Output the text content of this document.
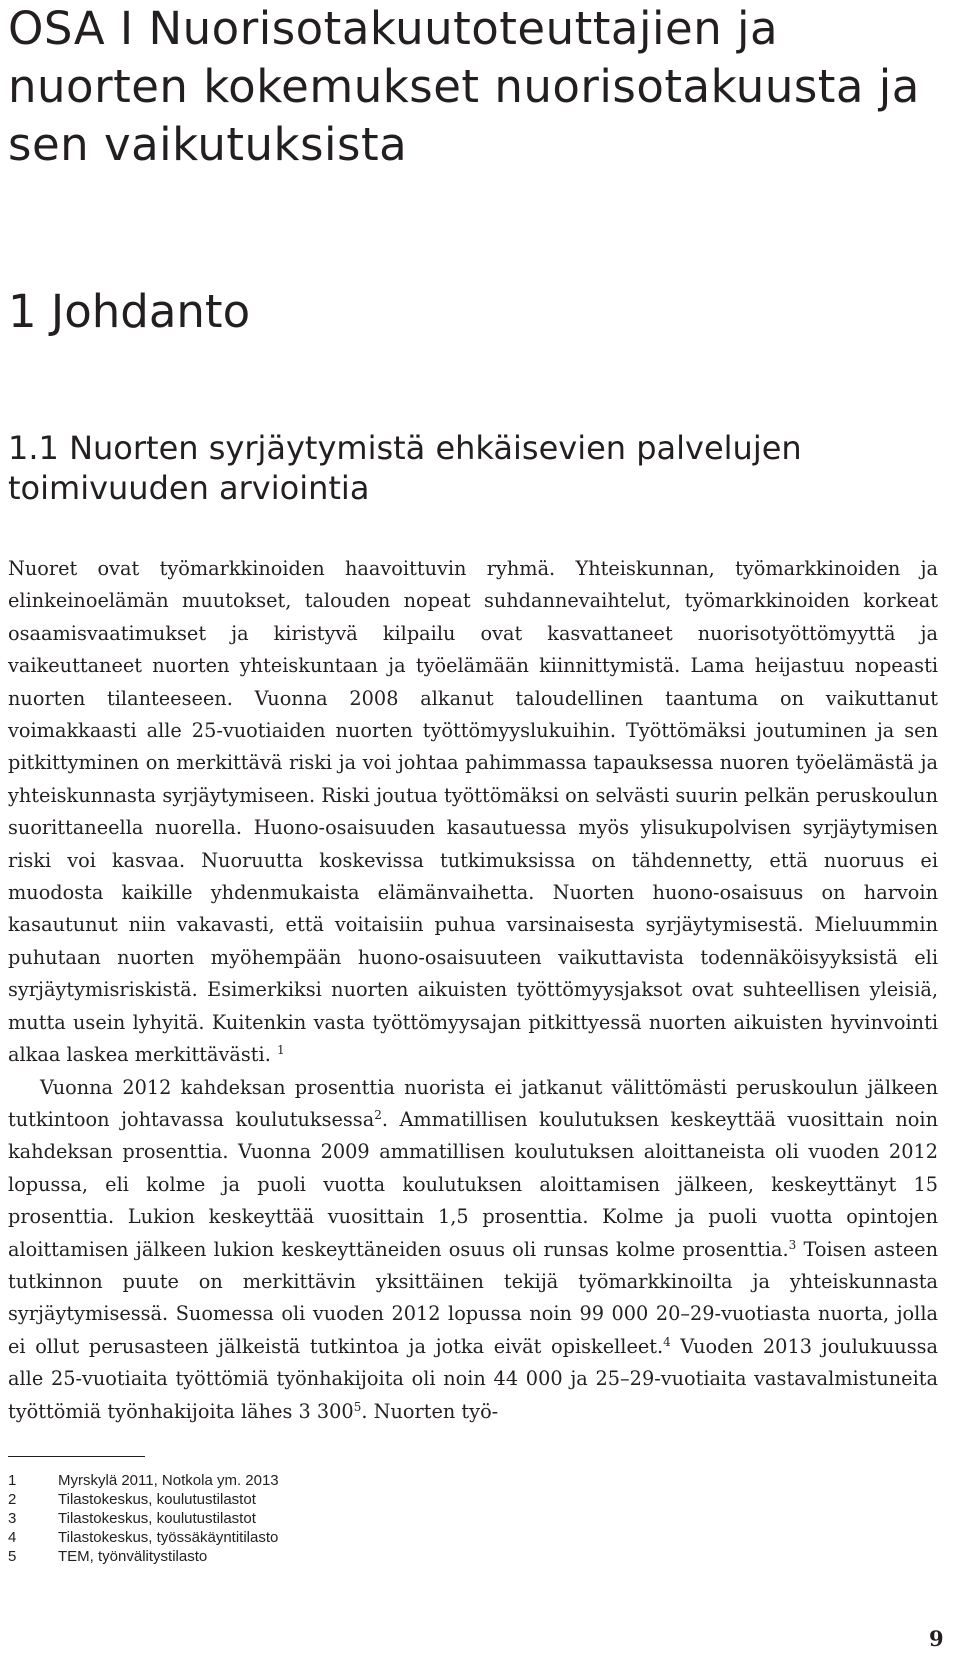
OSA I Nuorisotakuutoteuttajien ja nuorten kokemukset nuorisotakuusta ja sen vaikutuksista
1 Johdanto
1.1 Nuorten syrjäytymistä ehkäisevien palvelujen toimivuuden arviointia

Nuoret ovat työmarkkinoiden haavoittuvin ryhmä. Yhteiskunnan, työmarkkinoiden ja elinkeinoelämän muutokset, talouden nopeat suhdannevaihtelut, työmarkkinoiden korkeat osaamisvaatimukset ja kiristyvä kilpailu ovat kasvattaneet nuorisotyöttömyyttä ja vaikeuttaneet nuorten yhteiskuntaan ja työelämään kiinnittymistä. Lama heijastuu nopeasti nuorten tilanteeseen. Vuonna 2008 alkanut taloudellinen taantuma on vaikuttanut voimakkaasti alle 25-vuotiaiden nuorten työttömyyslukuihin. Työttömäksi joutuminen ja sen pitkittyminen on merkittävä riski ja voi johtaa pahimmassa tapauksessa nuoren työelämästä ja yhteiskunnasta syrjäytymiseen. Riski joutua työttömäksi on selvästi suurin pelkän peruskoulun suorittaneella nuorella. Huono-osaisuuden kasautuessa myös ylisukupolvisen syrjäytymisen riski voi kasvaa. Nuoruutta koskevissa tutkimuksissa on tähdennetty, että nuoruus ei muodosta kaikille yhdenmukaista elämänvaihetta. Nuorten huono-osaisuus on harvoin kasautunut niin vakavasti, että voitaisiin puhua varsinaisesta syrjäytymisestä. Mieluummin puhutaan nuorten myöhempään huono-osaisuuteen vaikuttavista todennäköisyyksistä eli syrjäytymisriskistä. Esimerkiksi nuorten aikuisten työttömyysjaksot ovat suhteellisen yleisiä, mutta usein lyhyitä. Kuitenkin vasta työttömyysajan pitkittyessä nuorten aikuisten hyvinvointi alkaa laskea merkittävästi. $^1$

Vuonna 2012 kahdeksan prosenttia nuorista ei jatkanut välittömästi peruskoulun jälkeen tutkintoon johtavassa koulutuksessa$^2$. Ammatillisen koulutuksen keskeyttää vuosittain noin kahdeksan prosenttia. Vuonna 2009 ammatillisen koulutuksen aloittaneista oli vuoden 2012 lopussa, eli kolme ja puoli vuotta koulutuksen aloittamisen jälkeen, keskeyttänyt 15 prosenttia. Lukion keskeyttää vuosittain 1,5 prosenttia. Kolme ja puoli vuotta opintojen aloittamisen jälkeen lukion keskeyttäneiden osuus oli runsas kolme prosenttia.$^3$ Toisen asteen tutkinnon puute on merkittävin yksittäinen tekijä työmarkkinoilta ja yhteiskunnasta syrjäytymisessä. Suomessa oli vuoden 2012 lopussa noin 99 000 20–29-vuotiasta nuorta, jolla ei ollut perusasteen jälkeistä tutkintoa ja jotka eivät opiskelleet.$^4$ Vuoden 2013 joulukuussa alle 25-vuotiaita työttömiä työnhakijoita oli noin 44 000 ja 25–29-vuotiaita vastavalmistuneita työttömiä työnhakijoita lähes 3 $300^5$. Nuorten työ-

1	Myrskylä 2011, Notkola ym. 2013
2	Tilastokeskus, koulutustilastot
3	Tilastokeskus, koulutustilastot
4	Tilastokeskus, työssäkäyntitilasto
5	TEM, työnvälitystilasto
9
